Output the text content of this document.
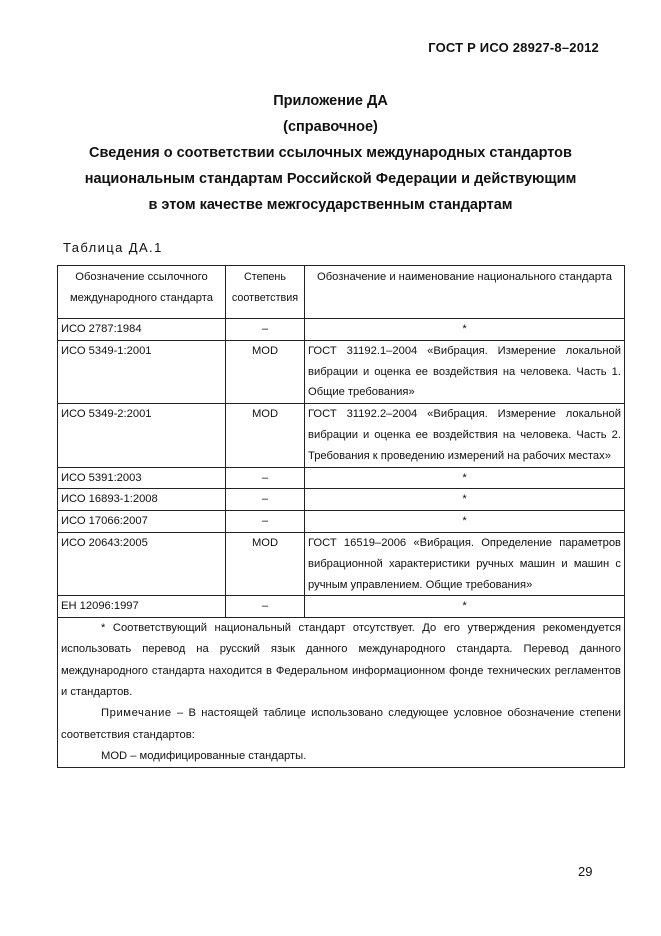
ГОСТ Р ИСО 28927-8–2012
Приложение ДА
(справочное)
Сведения о соответствии ссылочных международных стандартов
национальным стандартам Российской Федерации и действующим
в этом качестве межгосударственным стандартам
Таблица ДА.1
Обозначение ссылочного международного стандарта	Степень соответствия	Обозначение и наименование национального стандарта
ИСО 2787:1984	–	*
ИСО 5349-1:2001	MOD	ГОСТ 31192.1–2004 «Вибрация. Измерение локальной вибрации и оценка ее воздействия на человека. Часть 1. Общие требования»
ИСО 5349-2:2001	MOD	ГОСТ 31192.2–2004 «Вибрация. Измерение локальной вибрации и оценка ее воздействия на человека. Часть 2. Требования к проведению измерений на рабочих местах»
ИСО 5391:2003	–	*
ИСО 16893-1:2008	–	*
ИСО 17066:2007	–	*
ИСО 20643:2005	MOD	ГОСТ 16519–2006 «Вибрация. Определение параметров вибрационной характеристики ручных машин и машин с ручным управлением. Общие требования»
ЕН 12096:1997	–	*

* Соответствующий национальный стандарт отсутствует. До его утверждения рекомендуется использовать перевод на русский язык данного международного стандарта. Перевод данного международного стандарта находится в Федеральном информационном фонде технических регламентов и стандартов.
Примечание – В настоящей таблице использовано следующее условное обозначение степени соответствия стандартов:
MOD – модифицированные стандарты.		
29
